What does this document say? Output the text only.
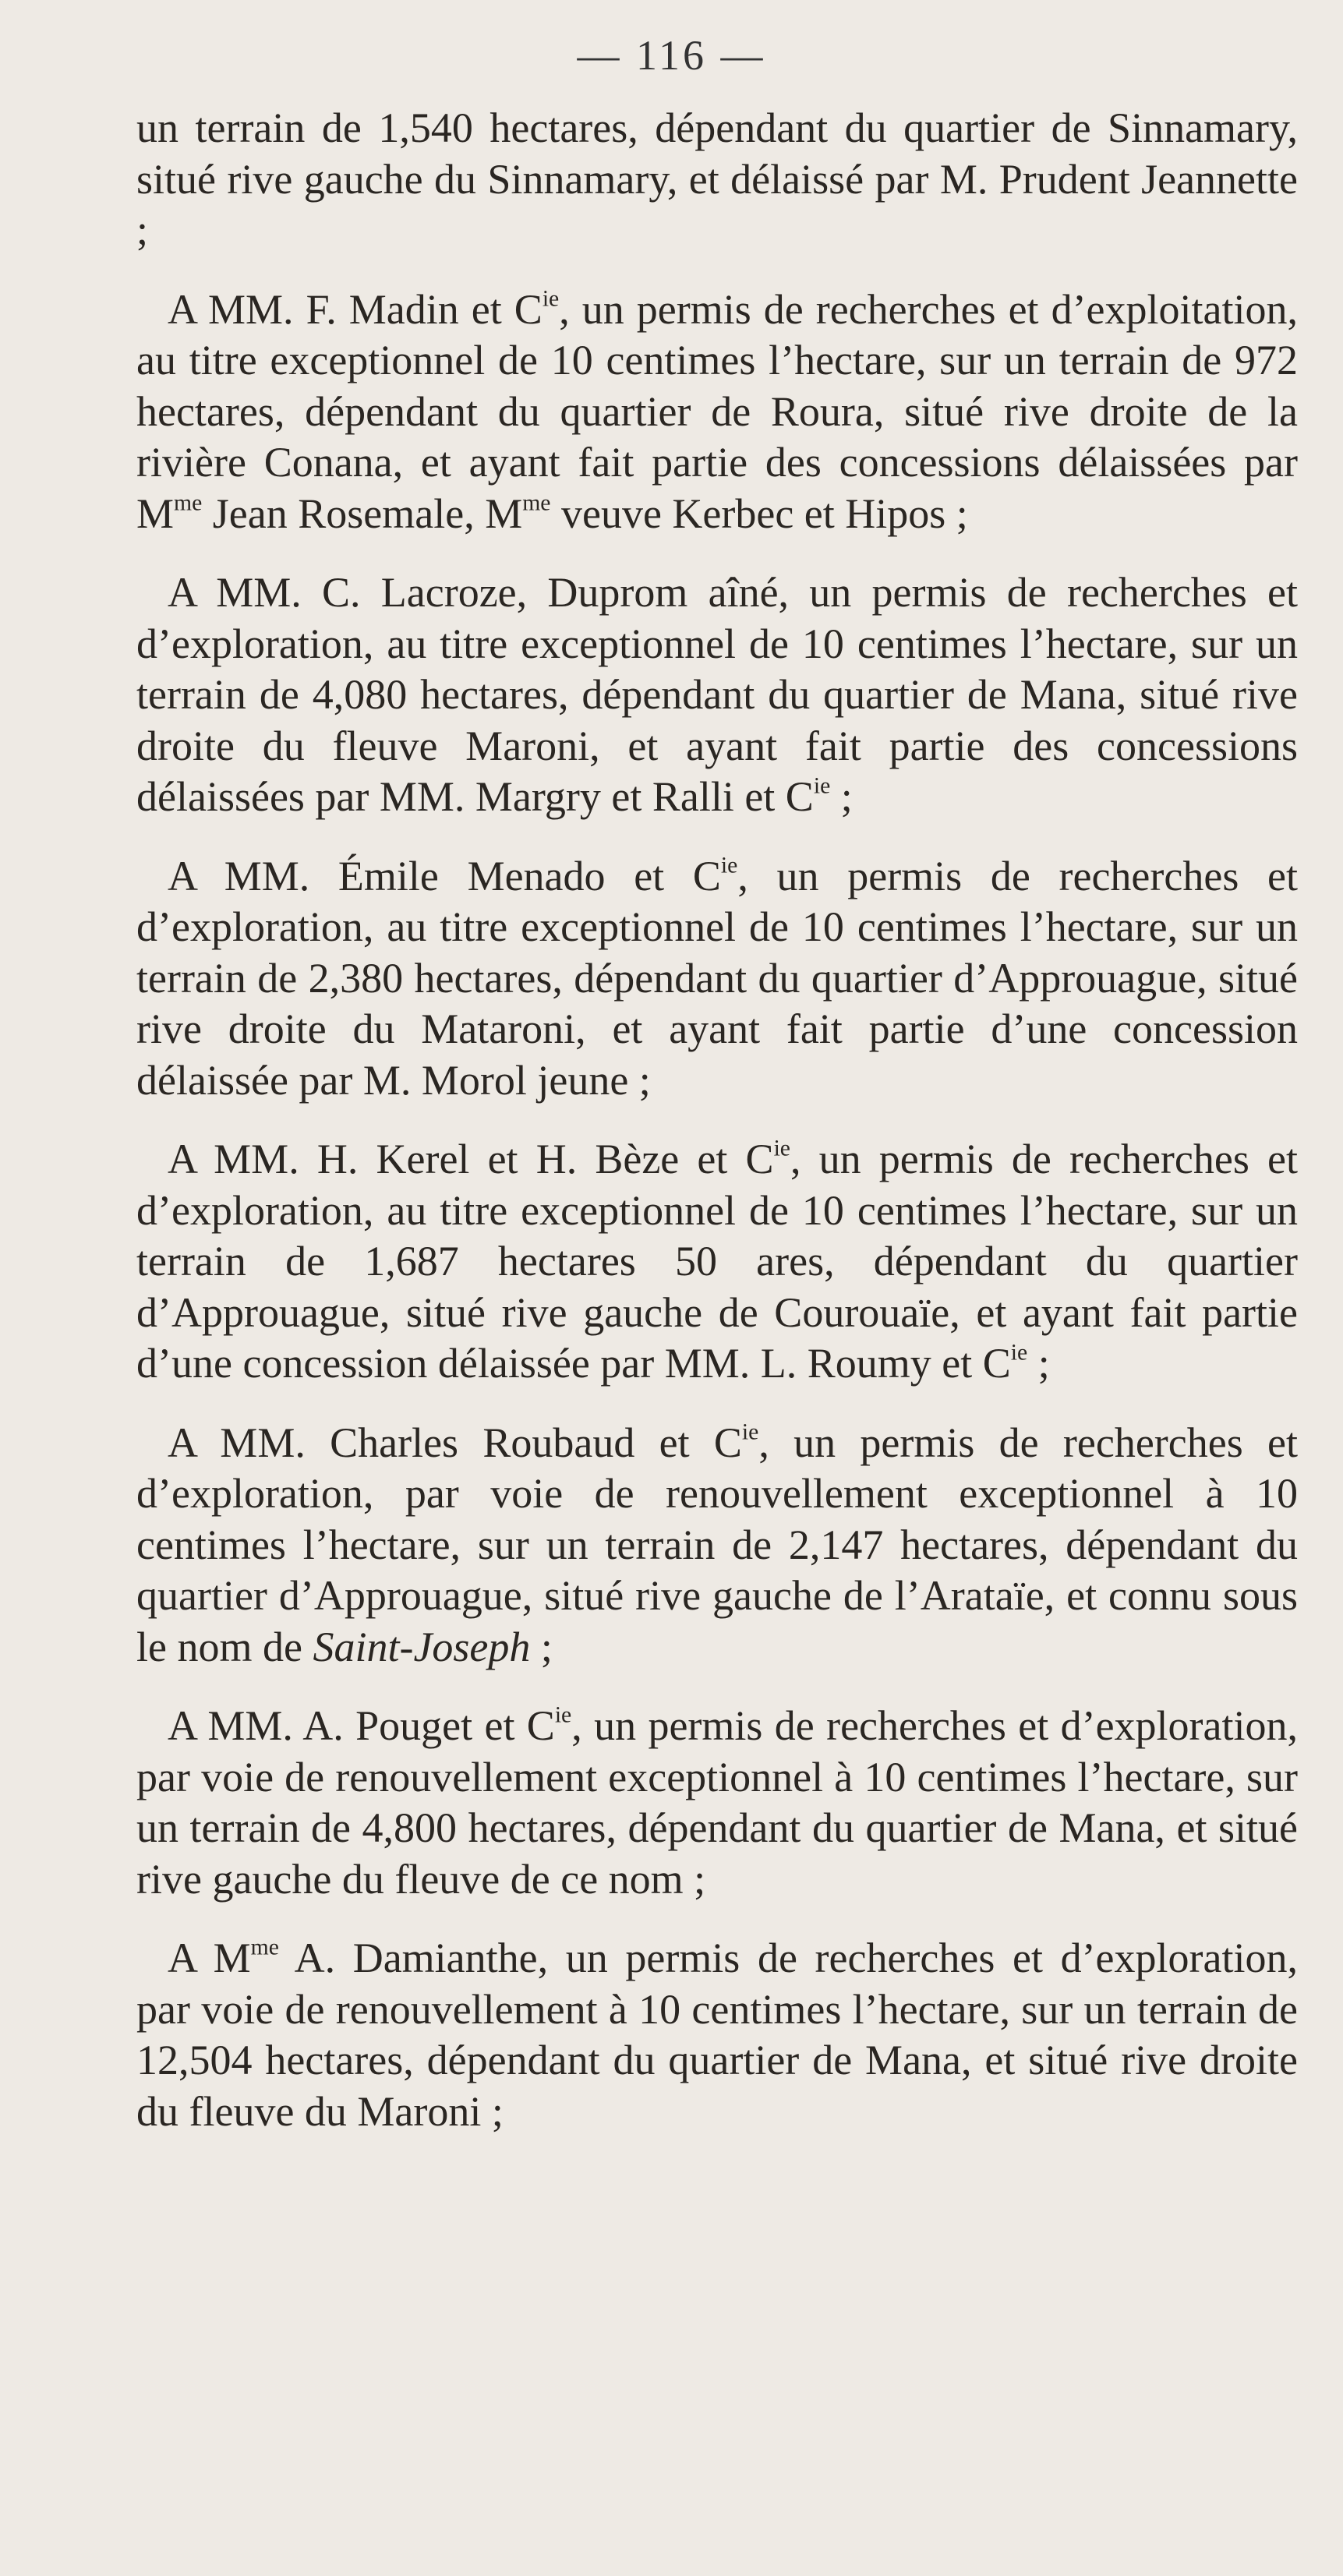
— 116 —

un terrain de 1,540 hectares, dépendant du quartier de Sinnamary, situé rive gauche du Sinnamary, et délaissé par M. Prudent Jeannette ;

A MM. F. Madin et $C^{ie}$, un permis de recherches et d’exploitation, au titre exceptionnel de 10 centimes l’hectare, sur un terrain de 972 hectares, dépendant du quartier de Roura, situé rive droite de la rivière Conana, et ayant fait partie des concessions délaissées par $M^{me}$ Jean Rosemale, $M^{me}$ veuve Kerbec et Hipos ;

A MM. C. Lacroze, Duprom aîné, un permis de recherches et d’exploration, au titre exceptionnel de 10 centimes l’hectare, sur un terrain de 4,080 hectares, dépendant du quartier de Mana, situé rive droite du fleuve Maroni, et ayant fait partie des concessions délaissées par MM. Margry et Ralli et $C^{ie}$ ;

A MM. Émile Menado et $C^{ie}$, un permis de recherches et d’exploration, au titre exceptionnel de 10 centimes l’hectare, sur un terrain de 2,380 hectares, dépendant du quartier d’Approuague, situé rive droite du Mataroni, et ayant fait partie d’une concession délaissée par M. Morol jeune ;

A MM. H. Kerel et H. Bèze et $C^{ie}$, un permis de recherches et d’exploration, au titre exceptionnel de 10 centimes l’hectare, sur un terrain de 1,687 hectares 50 ares, dépendant du quartier d’Approuague, situé rive gauche de Courouaïe, et ayant fait partie d’une concession délaissée par MM. L. Roumy et $C^{ie}$ ;

A MM. Charles Roubaud et $C^{ie}$, un permis de recherches et d’exploration, par voie de renouvellement exceptionnel à 10 centimes l’hectare, sur un terrain de 2,147 hectares, dépendant du quartier d’Approuague, situé rive gauche de l’Arataïe, et connu sous le nom de Saint-Joseph ;

A MM. A. Pouget et $C^{ie}$, un permis de recherches et d’exploration, par voie de renouvellement exceptionnel à 10 centimes l’hectare, sur un terrain de 4,800 hectares, dépendant du quartier de Mana, et situé rive gauche du fleuve de ce nom ;

A $M^{me}$ A. Damianthe, un permis de recherches et d’exploration, par voie de renouvellement à 10 centimes l’hectare, sur un terrain de 12,504 hectares, dépendant du quartier de Mana, et situé rive droite du fleuve du Maroni ;
